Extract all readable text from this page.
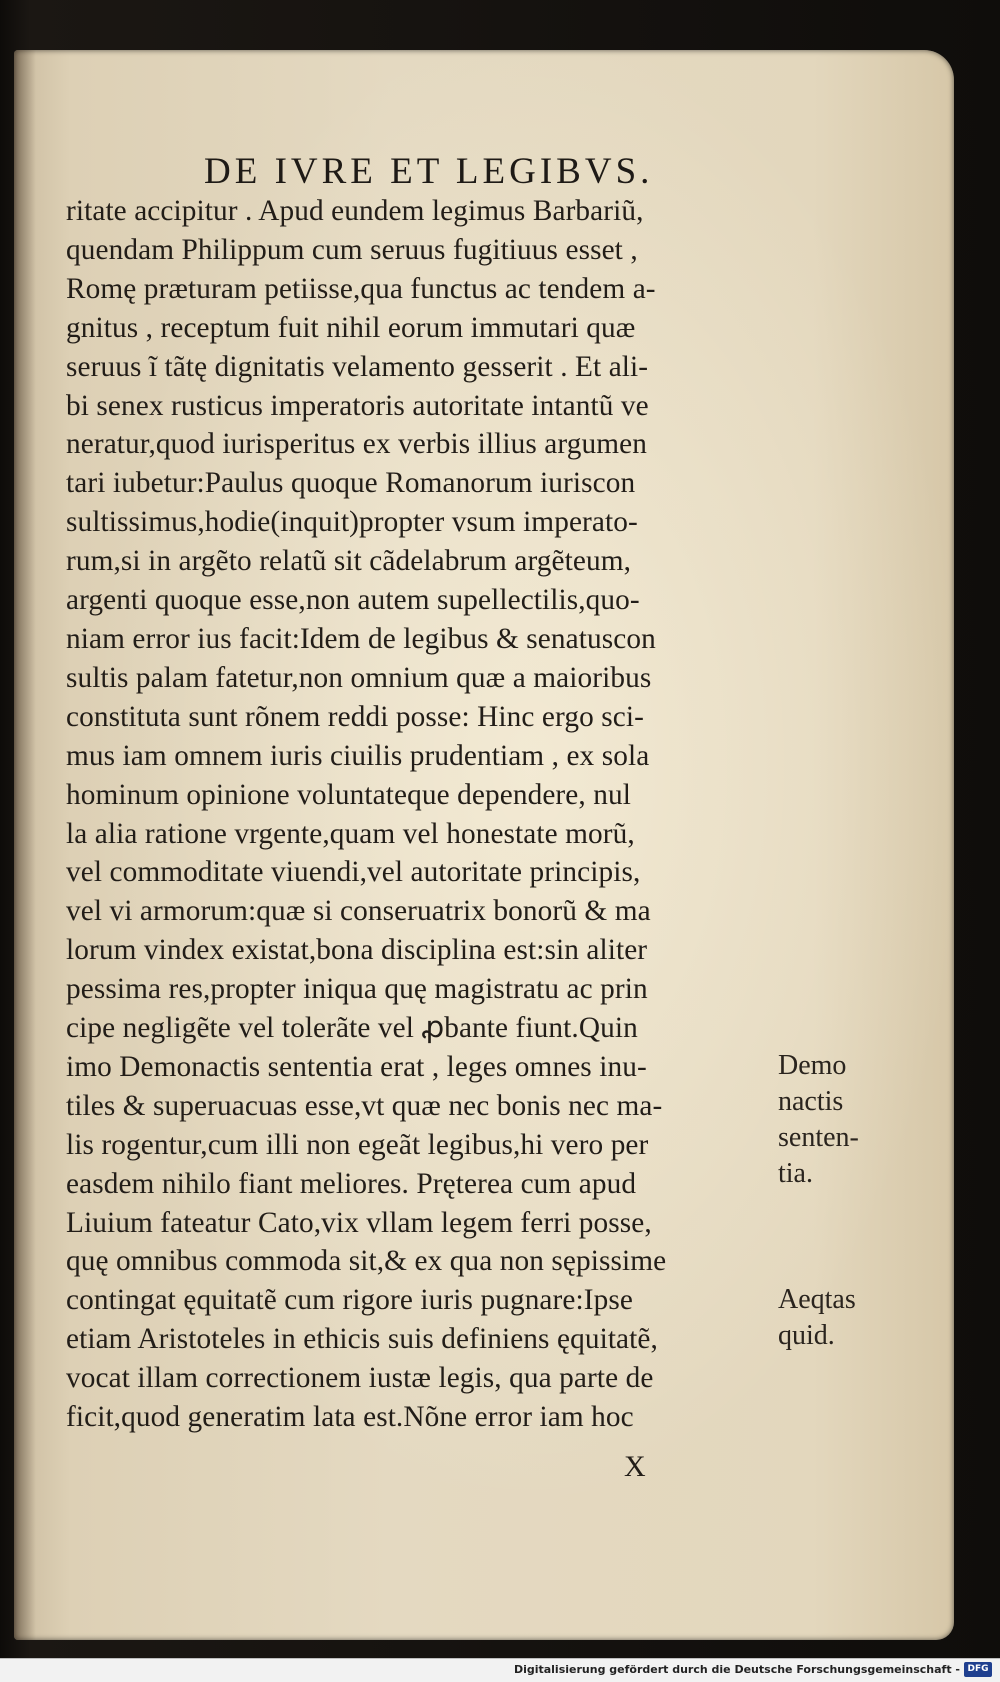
DE IVRE ET LEGIBVS.
ritate accipitur . Apud eundem legimus Barbariũ,
quendam Philippum cum seruus fugitiuus esset ,
Romę præturam petiisse,qua functus ac tendem a-
gnitus , receptum fuit nihil eorum immutari quæ
seruus ĩ tãtę dignitatis velamento gesserit . Et ali-
bi senex rusticus imperatoris autoritate intantũ ve
neratur,quod iurisperitus ex verbis illius argumen
tari iubetur:Paulus quoque Romanorum iuriscon
sultissimus,hodie(inquit)propter vsum imperato-
rum,si in argẽto relatũ sit cãdelabrum argẽteum,
argenti quoque esse,non autem supellectilis,quo-
niam error ius facit:Idem de legibus & senatuscon
sultis palam fatetur,non omnium quæ a maioribus
constituta sunt rõnem reddi posse: Hinc ergo sci-
mus iam omnem iuris ciuilis prudentiam , ex sola
hominum opinione voluntateque dependere, nul
la alia ratione vrgente,quam vel honestate morũ,
vel commoditate viuendi,vel autoritate principis,
vel vi armorum:quæ si conseruatrix bonorũ & ma
lorum vindex existat,bona disciplina est:sin aliter
pessima res,propter iniqua quę magistratu ac prin
cipe negligẽte vel tolerãte vel ꝓbante fiunt.Quin
imo Demonactis sententia erat , leges omnes inu-
tiles & superuacuas esse,vt quæ nec bonis nec ma-
lis rogentur,cum illi non egeãt legibus,hi vero per
easdem nihilo fiant meliores. Pręterea cum apud
Liuium fateatur Cato,vix vllam legem ferri posse,
quę omnibus commoda sit,& ex qua non sępissime
contingat ęquitatẽ cum rigore iuris pugnare:Ipse
etiam Aristoteles in ethicis suis definiens ęquitatẽ,
vocat illam correctionem iustæ legis, qua parte de
ficit,quod generatim lata est.Nõne error iam hoc
Demo
nactis
senten-
tia.
Aeqtas
quid.
X
Digitalisierung gefördert durch die Deutsche Forschungsgemeinschaft - DFG
